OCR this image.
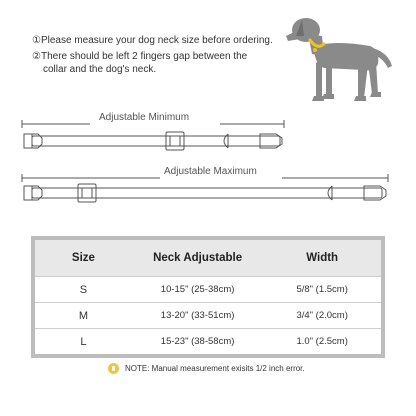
①Please measure your dog neck size before ordering.
②There should be left 2 fingers gap between the
collar and the dog's neck.
Adjustable Minimum
Adjustable Maximum
Size	Neck Adjustable	Width
S	10-15" (25-38cm)	5/8" (1.5cm)
M	13-20" (33-51cm)	3/4" (2.0cm)
L	15-23" (38-58cm)	1.0" (2.5cm)
NOTE: Manual measurement exisits 1/2 inch error.
